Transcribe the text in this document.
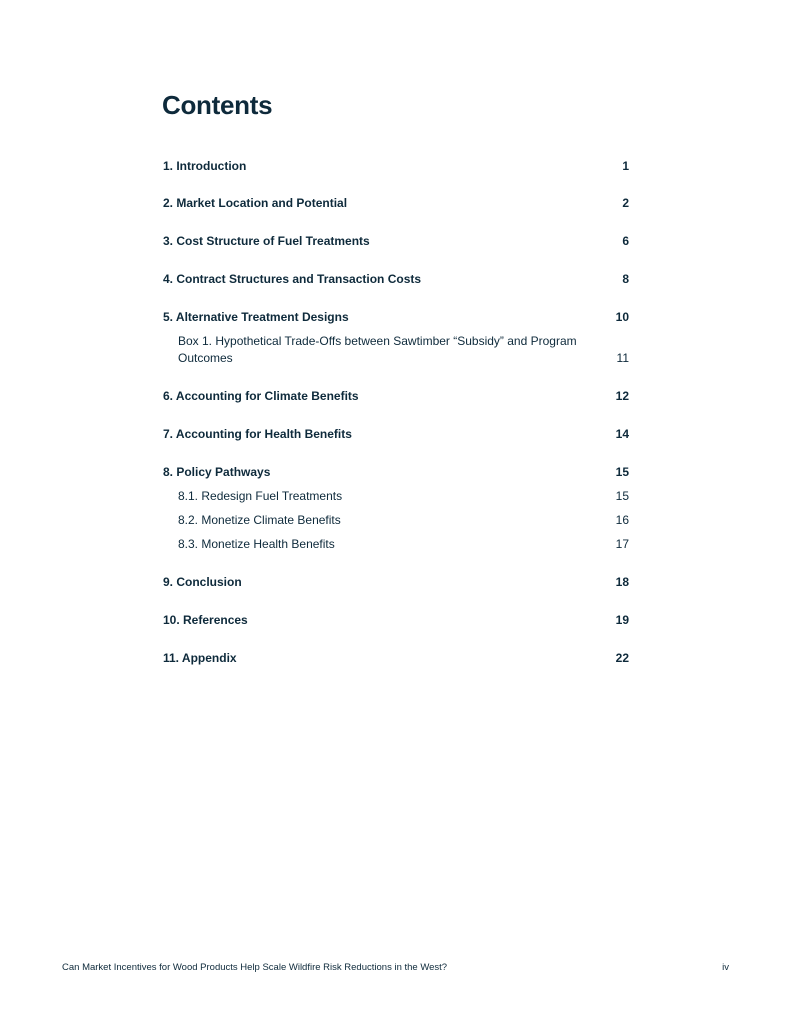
Contents
1. Introduction	1
2. Market Location and Potential	2
3. Cost Structure of Fuel Treatments	6
4. Contract Structures and Transaction Costs	8
5. Alternative Treatment Designs	10
Box 1. Hypothetical Trade-Offs between Sawtimber “Subsidy” and Program Outcomes	11
6. Accounting for Climate Benefits	12
7. Accounting for Health Benefits	14
8. Policy Pathways	15
8.1. Redesign Fuel Treatments	15
8.2. Monetize Climate Benefits	16
8.3. Monetize Health Benefits	17
9. Conclusion	18
10. References	19
11. Appendix	22
Can Market Incentives for Wood Products Help Scale Wildfire Risk Reductions in the West?	iv
